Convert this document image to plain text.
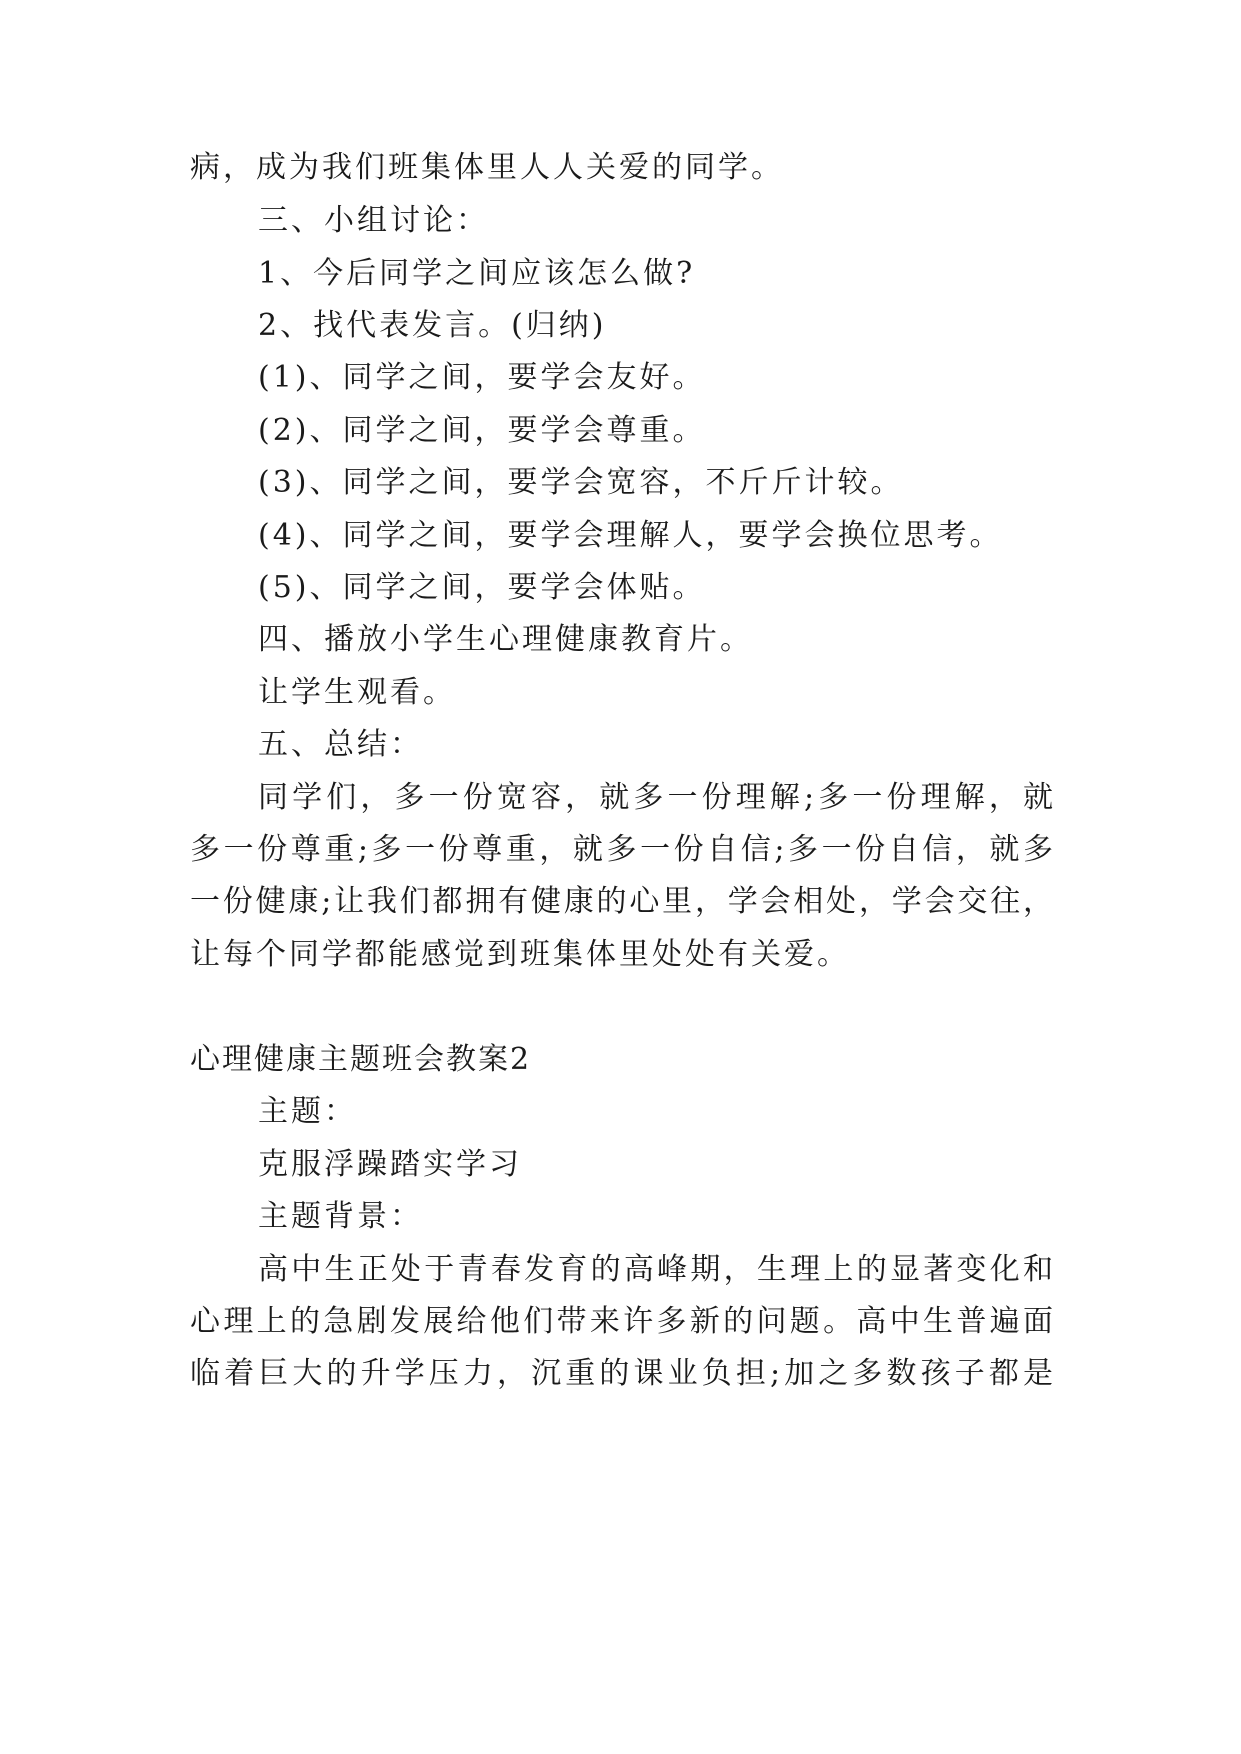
病，成为我们班集体里人人关爱的同学。
三、小组讨论：
1、今后同学之间应该怎么做?
2、找代表发言。(归纳)
(1)、同学之间，要学会友好。
(2)、同学之间，要学会尊重。
(3)、同学之间，要学会宽容，不斤斤计较。
(4)、同学之间，要学会理解人，要学会换位思考。
(5)、同学之间，要学会体贴。
四、播放小学生心理健康教育片。
让学生观看。
五、总结：
同学们，多一份宽容，就多一份理解;多一份理解，就
多一份尊重;多一份尊重，就多一份自信;多一份自信，就多
一份健康;让我们都拥有健康的心里，学会相处，学会交往，
让每个同学都能感觉到班集体里处处有关爱。
心理健康主题班会教案2
主题：
克服浮躁踏实学习
主题背景：
高中生正处于青春发育的高峰期，生理上的显著变化和
心理上的急剧发展给他们带来许多新的问题。高中生普遍面
临着巨大的升学压力，沉重的课业负担;加之多数孩子都是
